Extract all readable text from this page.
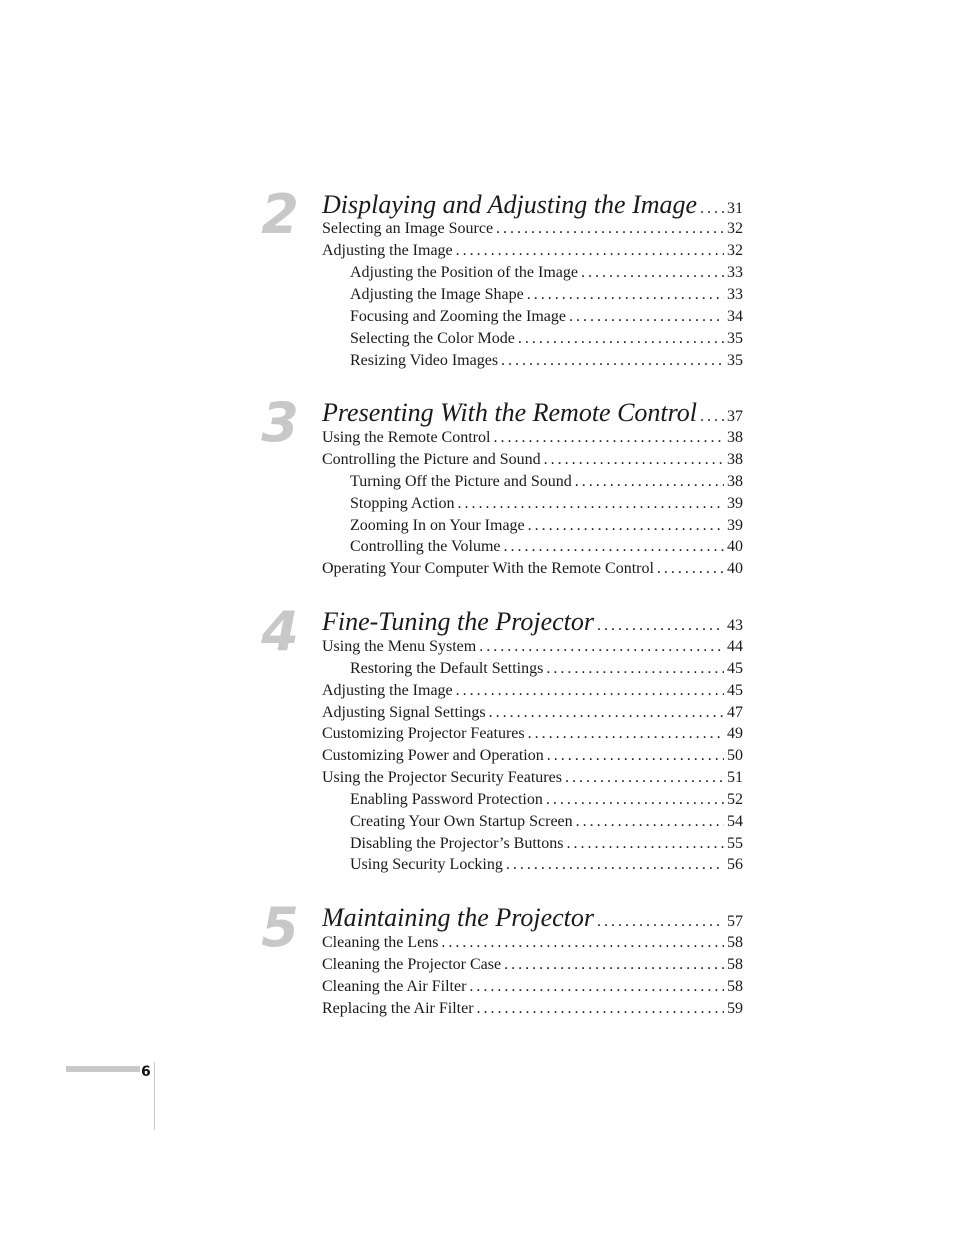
2 Displaying and Adjusting the Image . . . 31
Selecting an Image Source . . .	32
Adjusting the Image . . .	32
Adjusting the Position of the Image . . .	33
Adjusting the Image Shape . . .	33
Focusing and Zooming the Image . . .	34
Selecting the Color Mode . . .	35
Resizing Video Images . . .	35
3 Presenting With the Remote Control . . . 37
Using the Remote Control . . .	38
Controlling the Picture and Sound . . .	38
Turning Off the Picture and Sound . . .	38
Stopping Action . . .	39
Zooming In on Your Image . . .	39
Controlling the Volume . . .	40
Operating Your Computer With the Remote Control . . .	40
4 Fine-Tuning the Projector . . .	43
Using the Menu System . . .	44
Restoring the Default Settings . . .	45
Adjusting the Image . . .	45
Adjusting Signal Settings . . .	47
Customizing Projector Features . . .	49
Customizing Power and Operation . . .	50
Using the Projector Security Features . . .	51
Enabling Password Protection . . .	52
Creating Your Own Startup Screen . . .	54
Disabling the Projector’s Buttons . . .	55
Using Security Locking . . .	56
5 Maintaining the Projector . . .	57
Cleaning the Lens . . .	58
Cleaning the Projector Case . . .	58
Cleaning the Air Filter . . .	58
Replacing the Air Filter . . .	59
6
